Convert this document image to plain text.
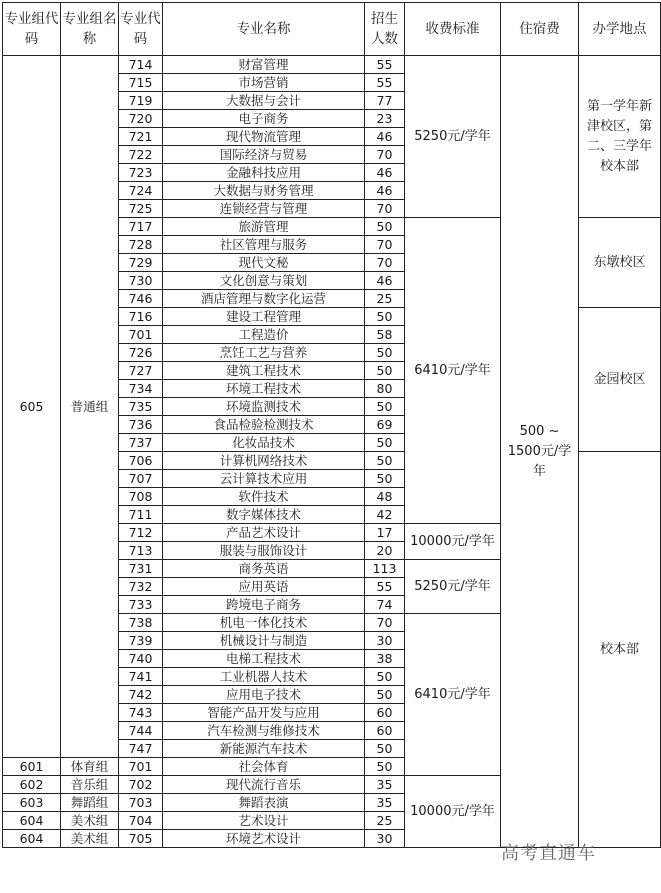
专业组代码	专业组名称	专业代码	专业名称	招生人数	收费标准	住宿费	办学地点
605	普通组	714	财富管理	55	5250元/学年	500 ~ 1500元/学年	第一学年新津校区，第二、三学年校本部
		715	市场营销	55			
		719	大数据与会计	77			
		720	电子商务	23			
		721	现代物流管理	46			
		722	国际经济与贸易	70			
		723	金融科技应用	46			
		724	大数据与财务管理	46			
		725	连锁经营与管理	70			
		717	旅游管理	50	6410元/学年		东墩校区
		728	社区管理与服务	70			
		729	现代文秘	70			
		730	文化创意与策划	46			
		746	酒店管理与数字化运营	25			
		716	建设工程管理	50			金园校区
		701	工程造价	58			
		726	烹饪工艺与营养	50			
		727	建筑工程技术	50			
		734	环境工程技术	80			
		735	环境监测技术	50			
		736	食品检验检测技术	69			
		737	化妆品技术	50			
		706	计算机网络技术	50			校本部
		707	云计算技术应用	50			
		708	软件技术	48			
		711	数字媒体技术	42			
		712	产品艺术设计	17	10000元/学年		
		713	服装与服饰设计	20			
		731	商务英语	113	5250元/学年		
		732	应用英语	55			
		733	跨境电子商务	74			
		738	机电一体化技术	70	6410元/学年		
		739	机械设计与制造	30			
		740	电梯工程技术	38			
		741	工业机器人技术	50			
		742	应用电子技术	50			
		743	智能产品开发与应用	60			
		744	汽车检测与维修技术	60			
		747	新能源汽车技术	50			
601	体育组	701	社会体育	50			
602	音乐组	702	现代流行音乐	35	10000元/学年		
603	舞蹈组	703	舞蹈表演	35			
604	美术组	704	艺术设计	25			
604	美术组	705	环境艺术设计	30			
高考直通车
